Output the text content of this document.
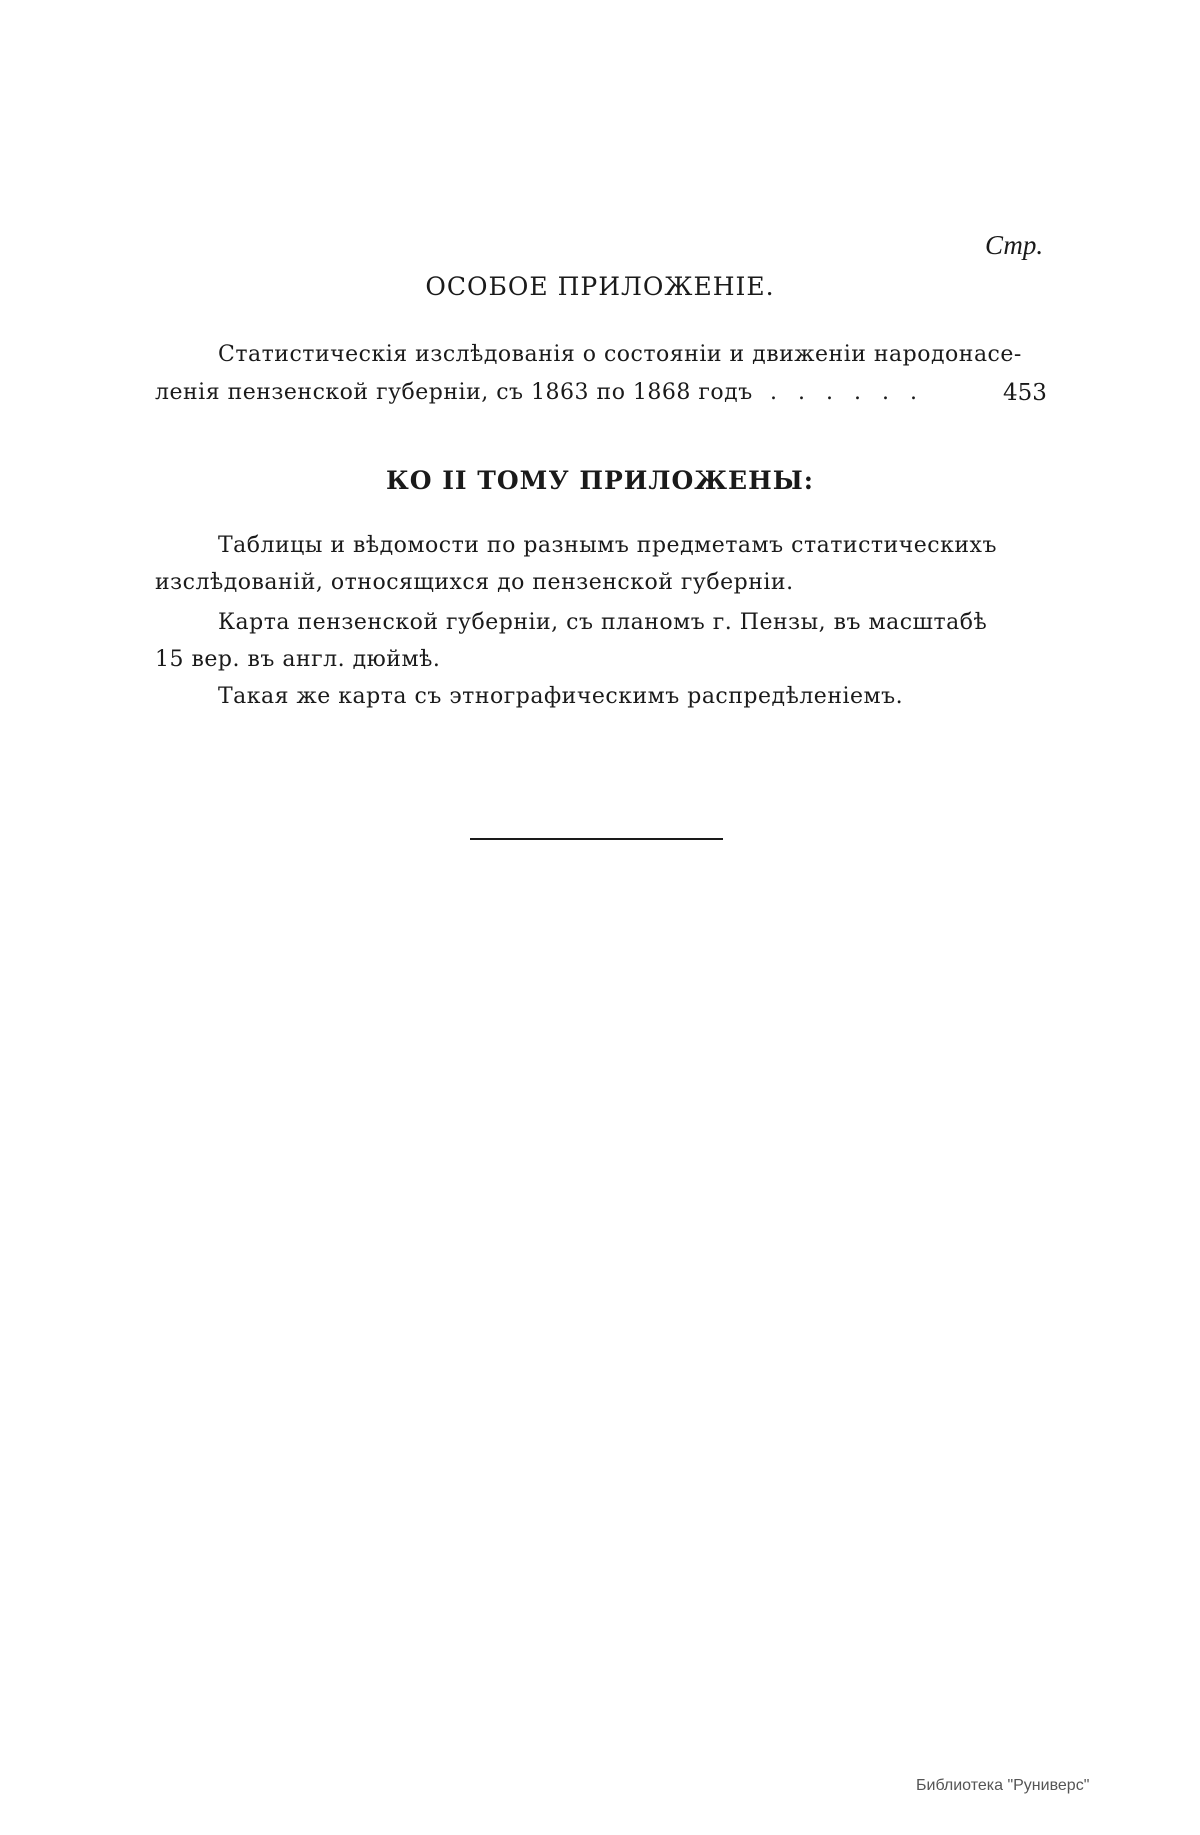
Стр.
ОСОБОЕ ПРИЛОЖЕНІЕ.
Статистическія изслѣдованія о состояніи и движеніи народонасе-
ленія пензенской губерніи, съ 1863 по 1868 годъ ......	453
КО II ТОМУ ПРИЛОЖЕНЫ:
Таблицы и вѣдомости по разнымъ предметамъ статистическихъ
изслѣдованій, относящихся до пензенской губерніи.
Карта пензенской губерніи, съ планомъ г. Пензы, въ масштабѣ
15 вер. въ англ. дюймѣ.
Такая же карта съ этнографическимъ распредѣленіемъ.
Библиотека "Руниверс"
